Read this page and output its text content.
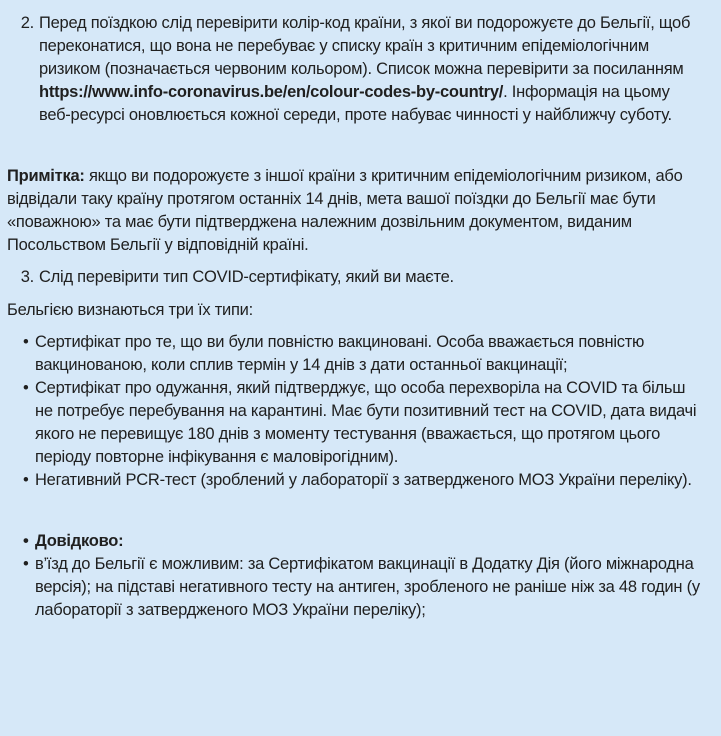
2. Перед поїздкою слід перевірити колір-код країни, з якої ви подорожуєте до Бельгії, щоб переконатися, що вона не перебуває у списку країн з критичним епідеміологічним ризиком (позначається червоним кольором). Список можна перевірити за посиланням https://www.info-coronavirus.be/en/colour-codes-by-country/. Інформація на цьому веб-ресурсі оновлюється кожної середи, проте набуває чинності у найближчу суботу.

Примітка: якщо ви подорожуєте з іншої країни з критичним епідеміологічним ризиком, або відвідали таку країну протягом останніх 14 днів, мета вашої поїздки до Бельгії має бути «поважною» та має бути підтверджена належним дозвільним документом, виданим Посольством Бельгії у відповідній країні.

3. Слід перевірити тип COVID-сертифікату, який ви маєте.

Бельгією визнаються три їх типи:

• Сертифікат про те, що ви були повністю вакциновані. Особа вважається повністю вакцинованою, коли сплив термін у 14 днів з дати останньої вакцинації;
• Сертифікат про одужання, який підтверджує, що особа перехворіла на COVID та більш не потребує перебування на карантині. Має бути позитивний тест на COVID, дата видачі якого не перевищує 180 днів з моменту тестування (вважається, що протягом цього періоду повторне інфікування є маловірогідним).
• Негативний PCR-тест (зроблений у лабораторії з затвердженого МОЗ України переліку).
• Довідково:
• в’їзд до Бельгії є можливим: за Сертифікатом вакцинації в Додатку Дія (його міжнародна версія); на підставі негативного тесту на антиген, зробленого не раніше ніж за 48 годин (у лабораторії з затвердженого МОЗ України переліку);
